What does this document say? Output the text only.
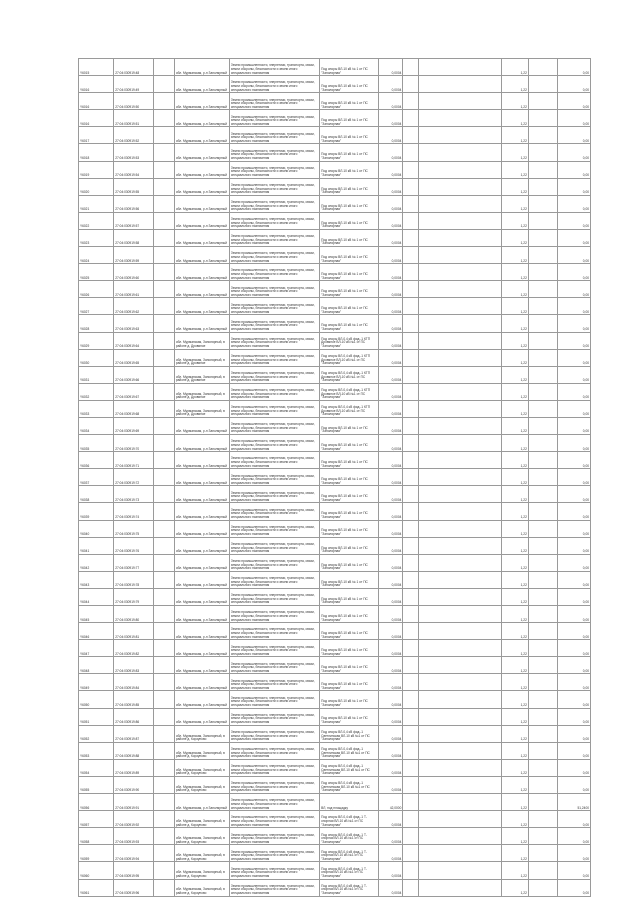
Y6015	27:04:030919:48		обл. Мурманская, р-н Заполярный	Земли промышленности, энергетики, транспорта, связи, земли обороны, безопасности и земли иного специального назначения	Под опоры ВЛ-10 кВ № 1 от ПС "Заполярная"	0,0004			1,22		0,00
Y6016	27:04:030919:49		обл. Мурманская, р-н Заполярный	Земли промышленности, энергетики, транспорта, связи, земли обороны, безопасности и земли иного специального назначения	Под опоры ВЛ-10 кВ № 1 от ПС "Заполярная"	0,0004			1,22		0,00
Y6016	27:04:030919:50		обл. Мурманская, р-н Заполярный	Земли промышленности, энергетики, транспорта, связи, земли обороны, безопасности и земли иного специального назначения	Под опоры ВЛ-10 кВ № 1 от ПС "Заполярная"	0,0004			1,22		0,00
Y6016	27:04:030919:51		обл. Мурманская, р-н Заполярный	Земли промышленности, энергетики, транспорта, связи, земли обороны, безопасности и земли иного специального назначения	Под опоры ВЛ-10 кВ № 1 от ПС "Заполярная"	0,0004			1,22		0,00
Y6017	27:04:030919:52		обл. Мурманская, р-н Заполярный	Земли промышленности, энергетики, транспорта, связи, земли обороны, безопасности и земли иного специального назначения	Под опоры ВЛ-10 кВ № 1 от ПС "Заполярная"	0,0004			1,22		0,00
Y6018	27:04:030919:53		обл. Мурманская, р-н Заполярный	Земли промышленности, энергетики, транспорта, связи, земли обороны, безопасности и земли иного специального назначения	Под опоры ВЛ-10 кВ № 1 от ПС "Заполярная"	0,0004			1,22		0,00
Y6019	27:04:030919:54		обл. Мурманская, р-н Заполярный	Земли промышленности, энергетики, транспорта, связи, земли обороны, безопасности и земли иного специального назначения	Под опоры ВЛ-10 кВ № 1 от ПС "Заполярная"	0,0004			1,22		0,00
Y6020	27:04:030919:55		обл. Мурманская, р-н Заполярный	Земли промышленности, энергетики, транспорта, связи, земли обороны, безопасности и земли иного специального назначения	Под опоры ВЛ-10 кВ № 1 от ПС "Заполярная"	0,0004			1,22		0,00
Y6021	27:04:030919:56		обл. Мурманская, р-н Заполярный	Земли промышленности, энергетики, транспорта, связи, земли обороны, безопасности и земли иного специального назначения	Под опоры ВЛ-10 кВ № 1 от ПС "Заполярная"	0,0004			1,22		0,00
Y6022	27:04:030919:57		обл. Мурманская, р-н Заполярный	Земли промышленности, энергетики, транспорта, связи, земли обороны, безопасности и земли иного специального назначения	Под опоры ВЛ-10 кВ № 1 от ПС "Заполярная"	0,0004			1,22		0,00
Y6023	27:04:030919:58		обл. Мурманская, р-н Заполярный	Земли промышленности, энергетики, транспорта, связи, земли обороны, безопасности и земли иного специального назначения	Под опоры ВЛ-10 кВ № 1 от ПС "Заполярная"	0,0004			1,22		0,00
Y6024	27:04:030919:59		обл. Мурманская, р-н Заполярный	Земли промышленности, энергетики, транспорта, связи, земли обороны, безопасности и земли иного специального назначения	Под опоры ВЛ-10 кВ № 1 от ПС "Заполярная"	0,0004			1,22		0,00
Y6025	27:04:030919:60		обл. Мурманская, р-н Заполярный	Земли промышленности, энергетики, транспорта, связи, земли обороны, безопасности и земли иного специального назначения	Под опоры ВЛ-10 кВ № 1 от ПС "Заполярная"	0,0004			1,22		0,00
Y6026	27:04:030919:61		обл. Мурманская, р-н Заполярный	Земли промышленности, энергетики, транспорта, связи, земли обороны, безопасности и земли иного специального назначения	Под опоры ВЛ-10 кВ № 1 от ПС "Заполярная"	0,0004			1,22		0,00
Y6027	27:04:030919:62		обл. Мурманская, р-н Заполярный	Земли промышленности, энергетики, транспорта, связи, земли обороны, безопасности и земли иного специального назначения	Под опоры ВЛ-10 кВ № 1 от ПС "Заполярная"	0,0004			1,22		0,00
Y6028	27:04:030919:63		обл. Мурманская, р-н Заполярный	Земли промышленности, энергетики, транспорта, связи, земли обороны, безопасности и земли иного специального назначения	Под опоры ВЛ-10 кВ № 1 от ПС "Заполярная"	0,0004			1,22		0,00
Y6029	27:04:030919:64		обл. Мурманская, Заполярный, в районе д. Дровяное	Земли промышленности, энергетики, транспорта, связи, земли обороны, безопасности и земли иного специального назначения	Под опоры ВЛ-0,4 кВ фид.-1 КТП Дровяное ВЛ-10 кВ №1 от ПС "Заполярная"	0,0004			1,22		0,00
Y6030	27:04:030919:65		обл. Мурманская, Заполярный, в районе д. Дровяное	Земли промышленности, энергетики, транспорта, связи, земли обороны, безопасности и земли иного специального назначения	Под опоры ВЛ-0,4 кВ фид.-1 КТП Дровяное ВЛ-10 кВ №1 от ПС "Заполярная"	0,0004			1,22		0,00
Y6031	27:04:030919:66		обл. Мурманская, Заполярный, в районе д. Дровяное	Земли промышленности, энергетики, транспорта, связи, земли обороны, безопасности и земли иного специального назначения	Под опоры ВЛ-0,4 кВ фид.-1 КТП Дровяное ВЛ-10 кВ №1 от ПС "Заполярная"	0,0004			1,22		0,00
Y6032	27:04:030919:67		обл. Мурманская, Заполярный, в районе д. Дровяное	Земли промышленности, энергетики, транспорта, связи, земли обороны, безопасности и земли иного специального назначения	Под опоры ВЛ-0,4 кВ фид.-1 КТП Дровяное ВЛ-10 кВ №1 от ПС "Заполярная"	0,0004			1,22		0,00
Y6033	27:04:030919:68		обл. Мурманская, Заполярный, в районе д. Дровяное	Земли промышленности, энергетики, транспорта, связи, земли обороны, безопасности и земли иного специального назначения	Под опоры ВЛ-0,4 кВ фид.-1 КТП Дровяное ВЛ-10 кВ №1 от ПС "Заполярная"	0,0004			1,22		0,00
Y6034	27:04:030919:69		обл. Мурманская, р-н Заполярный	Земли промышленности, энергетики, транспорта, связи, земли обороны, безопасности и земли иного специального назначения	Под опоры ВЛ-10 кВ № 1 от ПС "Заполярная"	0,0004			1,22		0,00
Y6035	27:04:030919:70		обл. Мурманская, р-н Заполярный	Земли промышленности, энергетики, транспорта, связи, земли обороны, безопасности и земли иного специального назначения	Под опоры ВЛ-10 кВ № 1 от ПС "Заполярная"	0,0004			1,22		0,00
Y6036	27:04:030919:71		обл. Мурманская, р-н Заполярный	Земли промышленности, энергетики, транспорта, связи, земли обороны, безопасности и земли иного специального назначения	Под опоры ВЛ-10 кВ № 1 от ПС "Заполярная"	0,0004			1,22		0,00
Y6037	27:04:030919:72		обл. Мурманская, р-н Заполярный	Земли промышленности, энергетики, транспорта, связи, земли обороны, безопасности и земли иного специального назначения	Под опоры ВЛ-10 кВ № 1 от ПС "Заполярная"	0,0004			1,22		0,00
Y6038	27:04:030919:73		обл. Мурманская, р-н Заполярный	Земли промышленности, энергетики, транспорта, связи, земли обороны, безопасности и земли иного специального назначения	Под опоры ВЛ-10 кВ № 1 от ПС "Заполярная"	0,0004			1,22		0,00
Y6039	27:04:030919:74		обл. Мурманская, р-н Заполярный	Земли промышленности, энергетики, транспорта, связи, земли обороны, безопасности и земли иного специального назначения	Под опоры ВЛ-10 кВ № 1 от ПС "Заполярная"	0,0004			1,22		0,00
Y6040	27:04:030919:75		обл. Мурманская, р-н Заполярный	Земли промышленности, энергетики, транспорта, связи, земли обороны, безопасности и земли иного специального назначения	Под опоры ВЛ-10 кВ № 1 от ПС "Заполярная"	0,0004			1,22		0,00
Y6041	27:04:030919:76		обл. Мурманская, р-н Заполярный	Земли промышленности, энергетики, транспорта, связи, земли обороны, безопасности и земли иного специального назначения	Под опоры ВЛ-10 кВ № 1 от ПС "Заполярная"	0,0004			1,22		0,00
Y6042	27:04:030919:77		обл. Мурманская, р-н Заполярный	Земли промышленности, энергетики, транспорта, связи, земли обороны, безопасности и земли иного специального назначения	Под опоры ВЛ-10 кВ № 1 от ПС "Заполярная"	0,0004			1,22		0,00
Y6043	27:04:030919:78		обл. Мурманская, р-н Заполярный	Земли промышленности, энергетики, транспорта, связи, земли обороны, безопасности и земли иного специального назначения	Под опоры ВЛ-10 кВ № 1 от ПС "Заполярная"	0,0004			1,22		0,00
Y6044	27:04:030919:79		обл. Мурманская, р-н Заполярный	Земли промышленности, энергетики, транспорта, связи, земли обороны, безопасности и земли иного специального назначения	Под опоры ВЛ-10 кВ № 1 от ПС "Заполярная"	0,0004			1,22		0,00
Y6045	27:04:030919:80		обл. Мурманская, р-н Заполярный	Земли промышленности, энергетики, транспорта, связи, земли обороны, безопасности и земли иного специального назначения	Под опоры ВЛ-10 кВ № 1 от ПС "Заполярная"	0,0004			1,22		0,00
Y6046	27:04:030919:81		обл. Мурманская, р-н Заполярный	Земли промышленности, энергетики, транспорта, связи, земли обороны, безопасности и земли иного специального назначения	Под опоры ВЛ-10 кВ № 1 от ПС "Заполярная"	0,0004			1,22		0,00
Y6047	27:04:030919:82		обл. Мурманская, р-н Заполярный	Земли промышленности, энергетики, транспорта, связи, земли обороны, безопасности и земли иного специального назначения	Под опоры ВЛ-10 кВ № 1 от ПС "Заполярная"	0,0004			1,22		0,00
Y6048	27:04:030919:83		обл. Мурманская, р-н Заполярный	Земли промышленности, энергетики, транспорта, связи, земли обороны, безопасности и земли иного специального назначения	Под опоры ВЛ-10 кВ № 1 от ПС "Заполярная"	0,0004			1,22		0,00
Y6049	27:04:030919:84		обл. Мурманская, р-н Заполярный	Земли промышленности, энергетики, транспорта, связи, земли обороны, безопасности и земли иного специального назначения	Под опоры ВЛ-10 кВ № 1 от ПС "Заполярная"	0,0004			1,22		0,00
Y6050	27:04:030919:85		обл. Мурманская, р-н Заполярный	Земли промышленности, энергетики, транспорта, связи, земли обороны, безопасности и земли иного специального назначения	Под опоры ВЛ-10 кВ № 1 от ПС "Заполярная"	0,0004			1,22		0,00
Y6051	27:04:030919:86		обл. Мурманская, р-н Заполярный	Земли промышленности, энергетики, транспорта, связи, земли обороны, безопасности и земли иного специального назначения	Под опоры ВЛ-10 кВ № 1 от ПС "Заполярная"	0,0004			1,22		0,00
Y6052	27:04:030919:87		обл. Мурманская, Заполярный, в районе д. Корзуново	Земли промышленности, энергетики, транспорта, связи, земли обороны, безопасности и земли иного специального назначения	Под опоры ВЛ-0,4 кВ фид.-1 Светлинская ВЛ-10 кВ №1 от ПС "Заполярная"	0,0004			1,22		0,00
Y6053	27:04:030919:88		обл. Мурманская, Заполярный, в районе д. Корзуново	Земли промышленности, энергетики, транспорта, связи, земли обороны, безопасности и земли иного специального назначения	Под опоры ВЛ-0,4 кВ фид.-1 Светлинская ВЛ-10 кВ №1 от ПС "Заполярная"	0,0004			1,22		0,00
Y6054	27:04:030919:89		обл. Мурманская, Заполярный, в районе д. Корзуново	Земли промышленности, энергетики, транспорта, связи, земли обороны, безопасности и земли иного специального назначения	Под опоры ВЛ-0,4 кВ фид.-1 Светлинская ВЛ-10 кВ №1 от ПС "Заполярная"	0,0004			1,22		0,00
Y6055	27:04:030919:90		обл. Мурманская, Заполярный, в районе д. Корзуново	Земли промышленности, энергетики, транспорта, связи, земли обороны, безопасности и земли иного специального назначения	Под опоры ВЛ-0,4 кВ фид.-1 Светлинская ВЛ-10 кВ №1 от ПС "Заполярная"	0,0004			1,22		0,00
Y6056	27:04:030919:91		обл. Мурманская, р-н Заполярный	Земли промышленности, энергетики, транспорта, связи, земли обороны, безопасности и земли иного специального назначения	ВЛ, под площадку	42,0000			1,22		51,2400
Y6057	27:04:030919:92		обл. Мурманская, Заполярный, в районе д. Корзуново	Земли промышленности, энергетики, транспорта, связи, земли обороны, безопасности и земли иного специального назначения	Под опоры ВЛ-0,4 кВ фид.-1 Т-опорная ВЛ-10 кВ №1 от ПС "Заполярная"	0,0004			1,22		0,00
Y6058	27:04:030919:93		обл. Мурманская, Заполярный, в районе д. Корзуново	Земли промышленности, энергетики, транспорта, связи, земли обороны, безопасности и земли иного специального назначения	Под опоры ВЛ-0,4 кВ фид.-1 Т-опорная ВЛ-10 кВ №1 от ПС "Заполярная"	0,0004			1,22		0,00
Y6059	27:04:030919:94		обл. Мурманская, Заполярный, в районе д. Корзуново	Земли промышленности, энергетики, транспорта, связи, земли обороны, безопасности и земли иного специального назначения	Под опоры ВЛ-0,4 кВ фид.-1 Т-опорная ВЛ-10 кВ №1 от ПС "Заполярная"	0,0004			1,22		0,00
Y6060	27:04:030919:95		обл. Мурманская, Заполярный, в районе д. Корзуново	Земли промышленности, энергетики, транспорта, связи, земли обороны, безопасности и земли иного специального назначения	Под опоры ВЛ-0,4 кВ фид.-1 Т-опорная ВЛ-10 кВ №1 от ПС "Заполярная"	0,0004			1,22		0,00
Y6061	27:04:030919:96		обл. Мурманская, Заполярный, в районе д. Корзуново	Земли промышленности, энергетики, транспорта, связи, земли обороны, безопасности и земли иного специального назначения	Под опоры ВЛ-0,4 кВ фид.-1 Т-опорная ВЛ-10 кВ №1 от ПС "Заполярная"	0,0004			1,22		0,00
